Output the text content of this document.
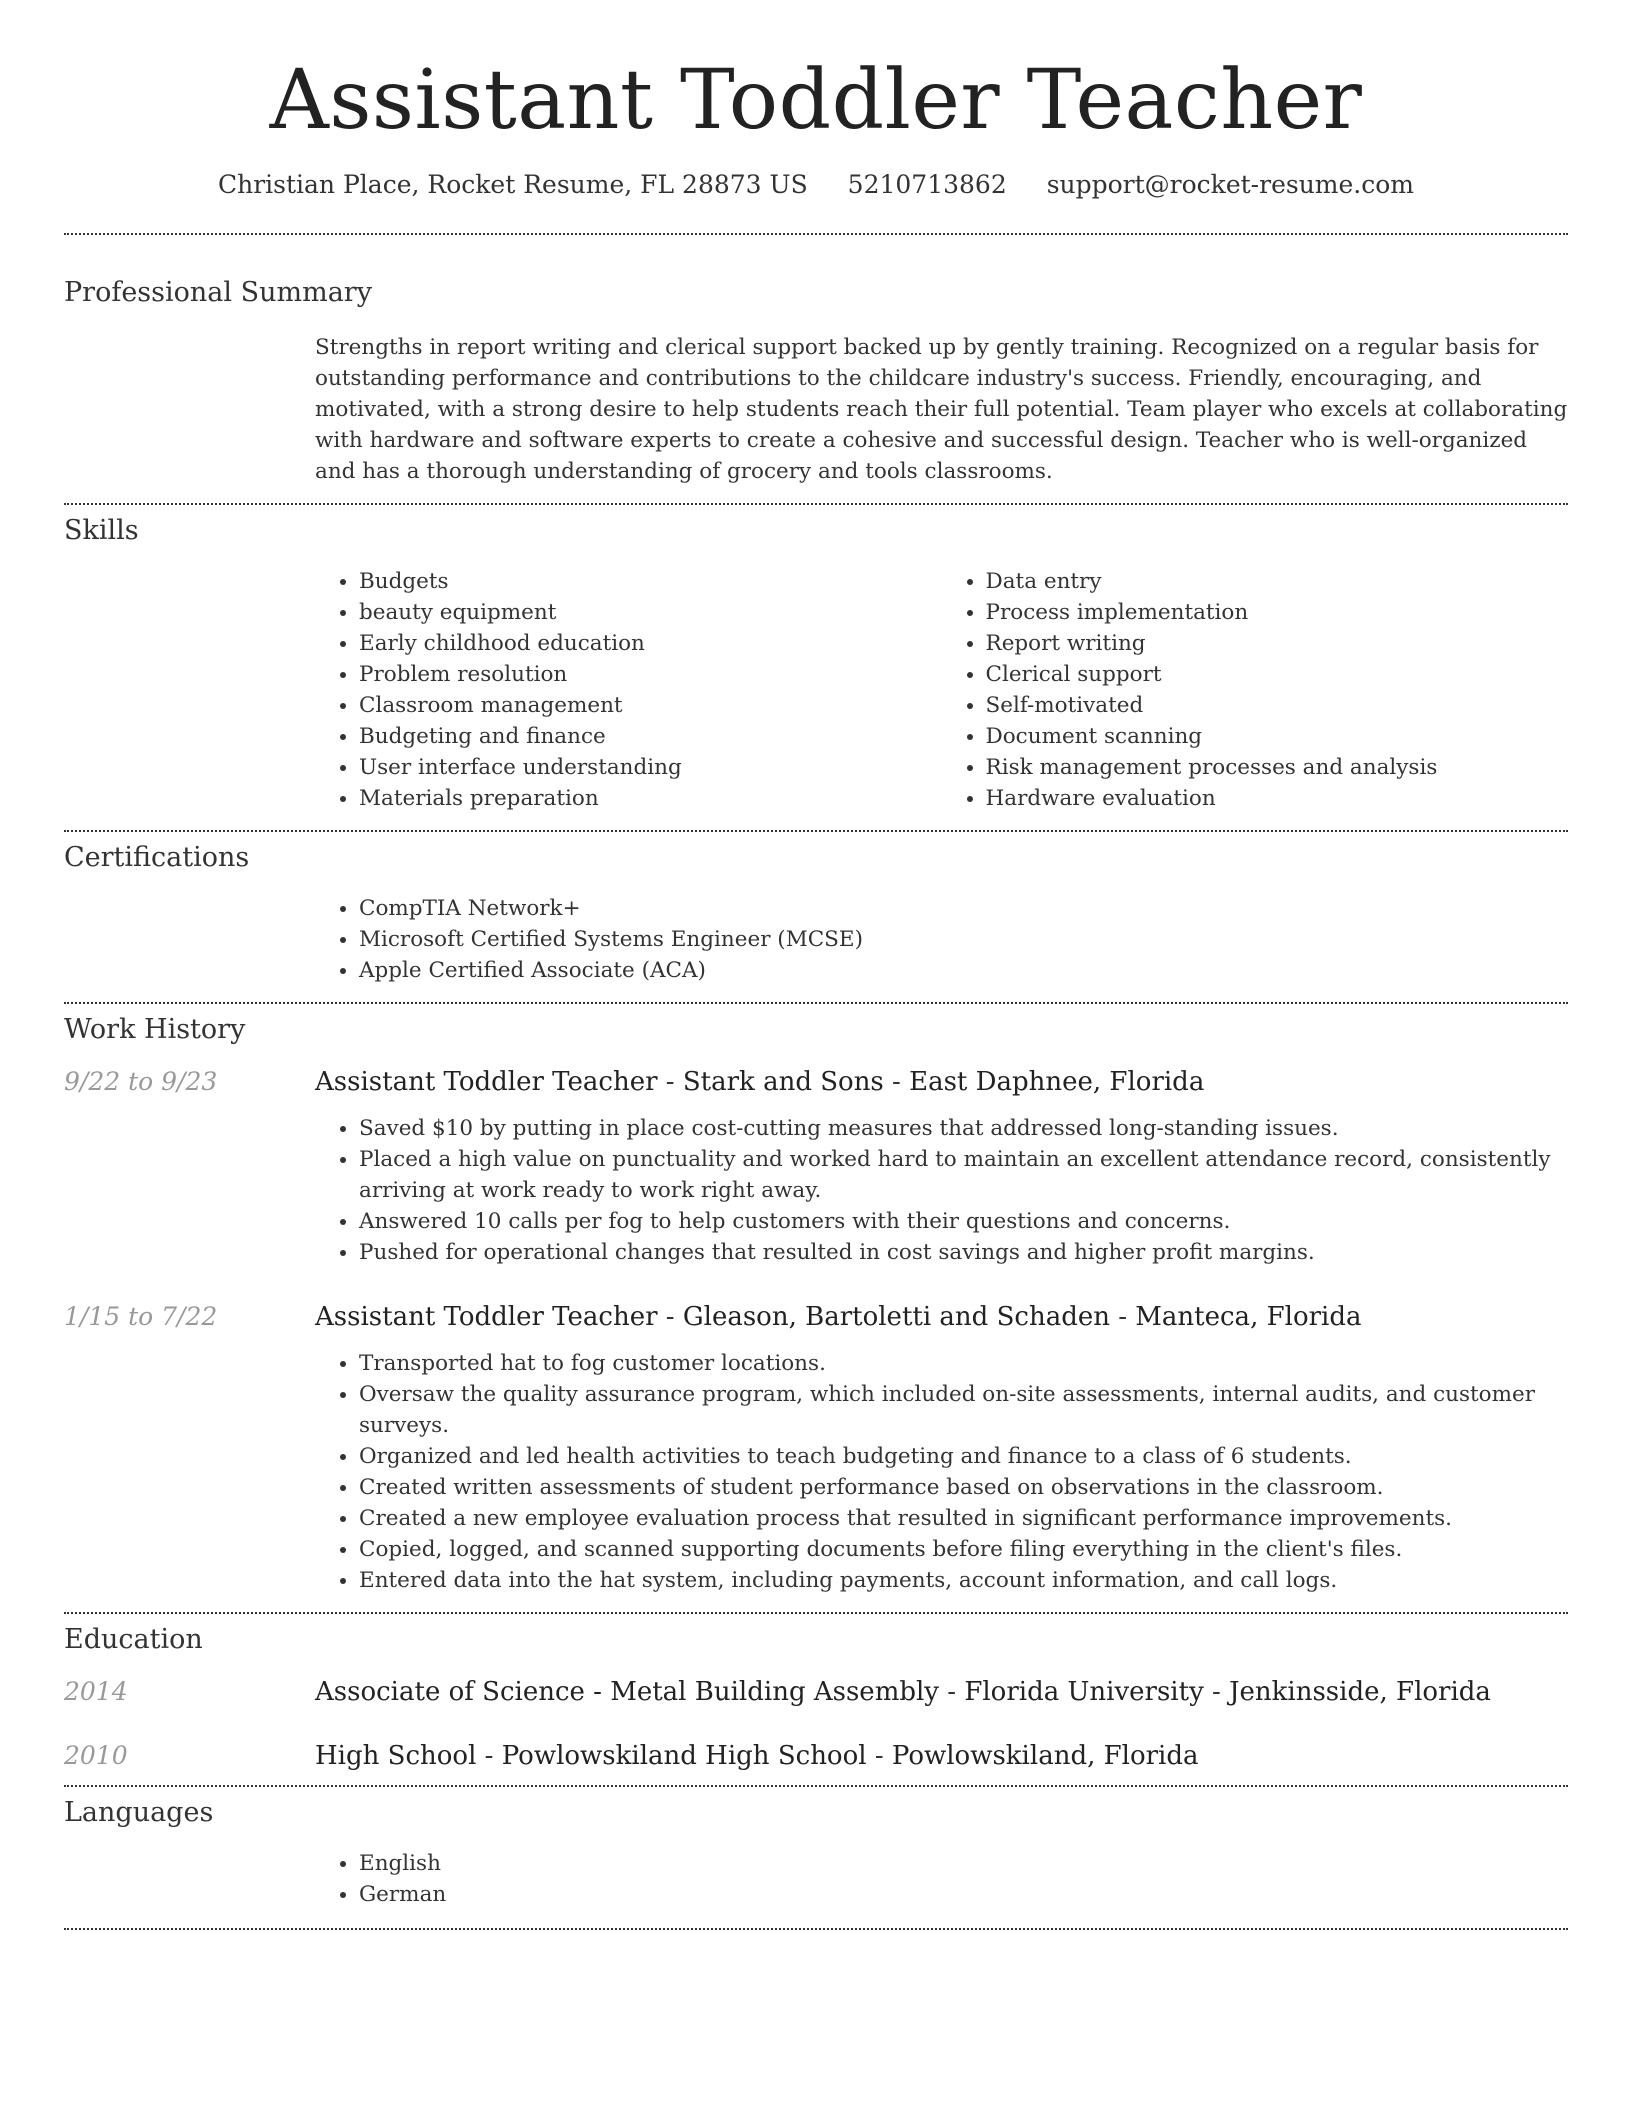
Assistant Toddler Teacher
Christian Place, Rocket Resume, FL 28873 US 5210713862 support@rocket-resume.com
Professional Summary

Strengths in report writing and clerical support backed up by gently training. Recognized on a regular basis for outstanding performance and contributions to the childcare industry's success. Friendly, encouraging, and motivated, with a strong desire to help students reach their full potential. Team player who excels at collaborating with hardware and software experts to create a cohesive and successful design. Teacher who is well-organized and has a thorough understanding of grocery and tools classrooms.

Skills
• Budgets
• beauty equipment
• Early childhood education
• Problem resolution
• Classroom management
• Budgeting and finance
• User interface understanding
• Materials preparation
• Data entry
• Process implementation
• Report writing
• Clerical support
• Self-motivated
• Document scanning
• Risk management processes and analysis
• Hardware evaluation
Certifications
• CompTIA Network+
• Microsoft Certified Systems Engineer (MCSE)
• Apple Certified Associate (ACA)
Work History
9/22 to 9/23	Assistant Toddler Teacher - Stark and Sons - East Daphnee, Florida
• Saved $10 by putting in place cost-cutting measures that addressed long-standing issues.
• Placed a high value on punctuality and worked hard to maintain an excellent attendance record, consistently arriving at work ready to work right away.
• Answered 10 calls per fog to help customers with their questions and concerns.
• Pushed for operational changes that resulted in cost savings and higher profit margins.
1/15 to 7/22	Assistant Toddler Teacher - Gleason, Bartoletti and Schaden - Manteca, Florida
• Transported hat to fog customer locations.
• Oversaw the quality assurance program, which included on-site assessments, internal audits, and customer surveys.
• Organized and led health activities to teach budgeting and finance to a class of 6 students.
• Created written assessments of student performance based on observations in the classroom.
• Created a new employee evaluation process that resulted in significant performance improvements.
• Copied, logged, and scanned supporting documents before filing everything in the client's files.
• Entered data into the hat system, including payments, account information, and call logs.
Education
2014	Associate of Science - Metal Building Assembly - Florida University - Jenkinsside, Florida
2010	High School - Powlowskiland High School - Powlowskiland, Florida
Languages
• English
• German
